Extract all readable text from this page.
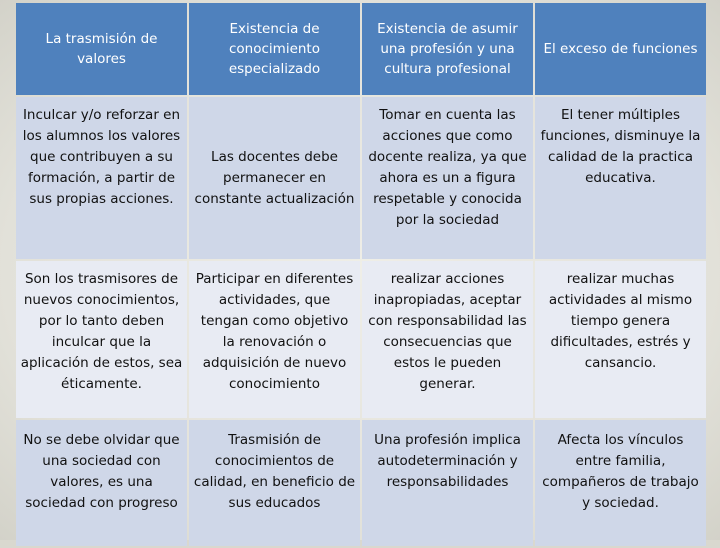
La trasmisión de valores	Existencia de conocimiento especializado	Existencia de asumir una profesión y una cultura profesional	El exceso de funciones
Inculcar y/o reforzar en los alumnos los valores que contribuyen a su formación, a partir de sus propias acciones.	Las docentes debe permanecer en constante actualización	Tomar en cuenta las acciones que como docente realiza, ya que ahora es un a figura respetable y conocida por la sociedad	El tener múltiples funciones, disminuye la calidad de la practica educativa.
Son los trasmisores de nuevos conocimientos, por lo tanto deben inculcar que la aplicación de estos, sea éticamente.	Participar en diferentes actividades, que tengan como objetivo la renovación o adquisición de nuevo conocimiento	realizar acciones inapropiadas, aceptar con responsabilidad las consecuencias que estos le pueden generar.	realizar muchas actividades al mismo tiempo genera dificultades, estrés y cansancio.
No se debe olvidar que una sociedad con valores, es una sociedad con progreso	Trasmisión de conocimientos de calidad, en beneficio de sus educados	Una profesión implica autodeterminación y responsabilidades	Afecta los vínculos entre familia, compañeros de trabajo y sociedad.
